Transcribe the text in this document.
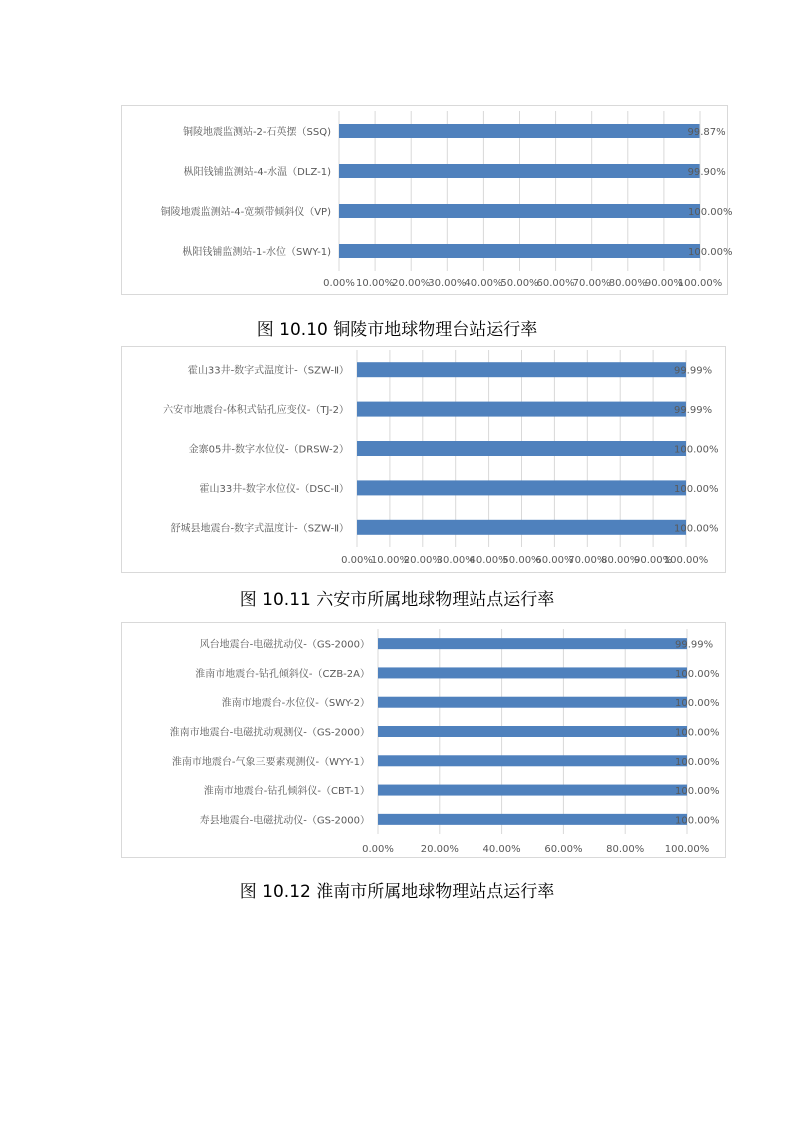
铜陵地震监测站-2-石英摆（SSQ)	99.87%
枞阳钱铺监测站-4-水温（DLZ-1)	99.90%
铜陵地震监测站-4-宽频带倾斜仪（VP)	100.00%
枞阳钱铺监测站-1-水位（SWY-1)	100.00%
0.00% 10.00%
20.00%
30.00%
40.00%
50.00%
60.00%
70.00%
80.00%
90.00%
100.00%
图 10.10 铜陵市地球物理台站运行率
霍山33井-数字式温度计-（SZW-Ⅱ）	99.99%
六安市地震台-体积式钻孔应变仪-（TJ-2）	99.99%
金寨05井-数字水位仪-（DRSW-2）	100.00%
霍山33井-数字水位仪-（DSC-Ⅱ）	100.00%
舒城县地震台-数字式温度计-（SZW-Ⅱ）	100.00%
0.00%
10.00%
20.00%
30.00%
40.00%
50.00%
60.00%
70.00%
80.00%
90.00%
100.00%
图 10.11 六安市所属地球物理站点运行率
风台地震台-电磁扰动仪-（GS-2000）	99.99%
淮南市地震台-钻孔倾斜仪-（CZB-2A）	100.00%
淮南市地震台-水位仪-（SWY-2）	100.00%
淮南市地震台-电磁扰动观测仪-（GS-2000）	100.00%
淮南市地震台-气象三要素观测仪-（WYY-1）	100.00%
淮南市地震台-钻孔倾斜仪-（CBT-1）	100.00%
寿县地震台-电磁扰动仪-（GS-2000）	100.00%
0.00%	20.00% 40.00% 60.00% 80.00% 100.00%
图 10.12 淮南市所属地球物理站点运行率
